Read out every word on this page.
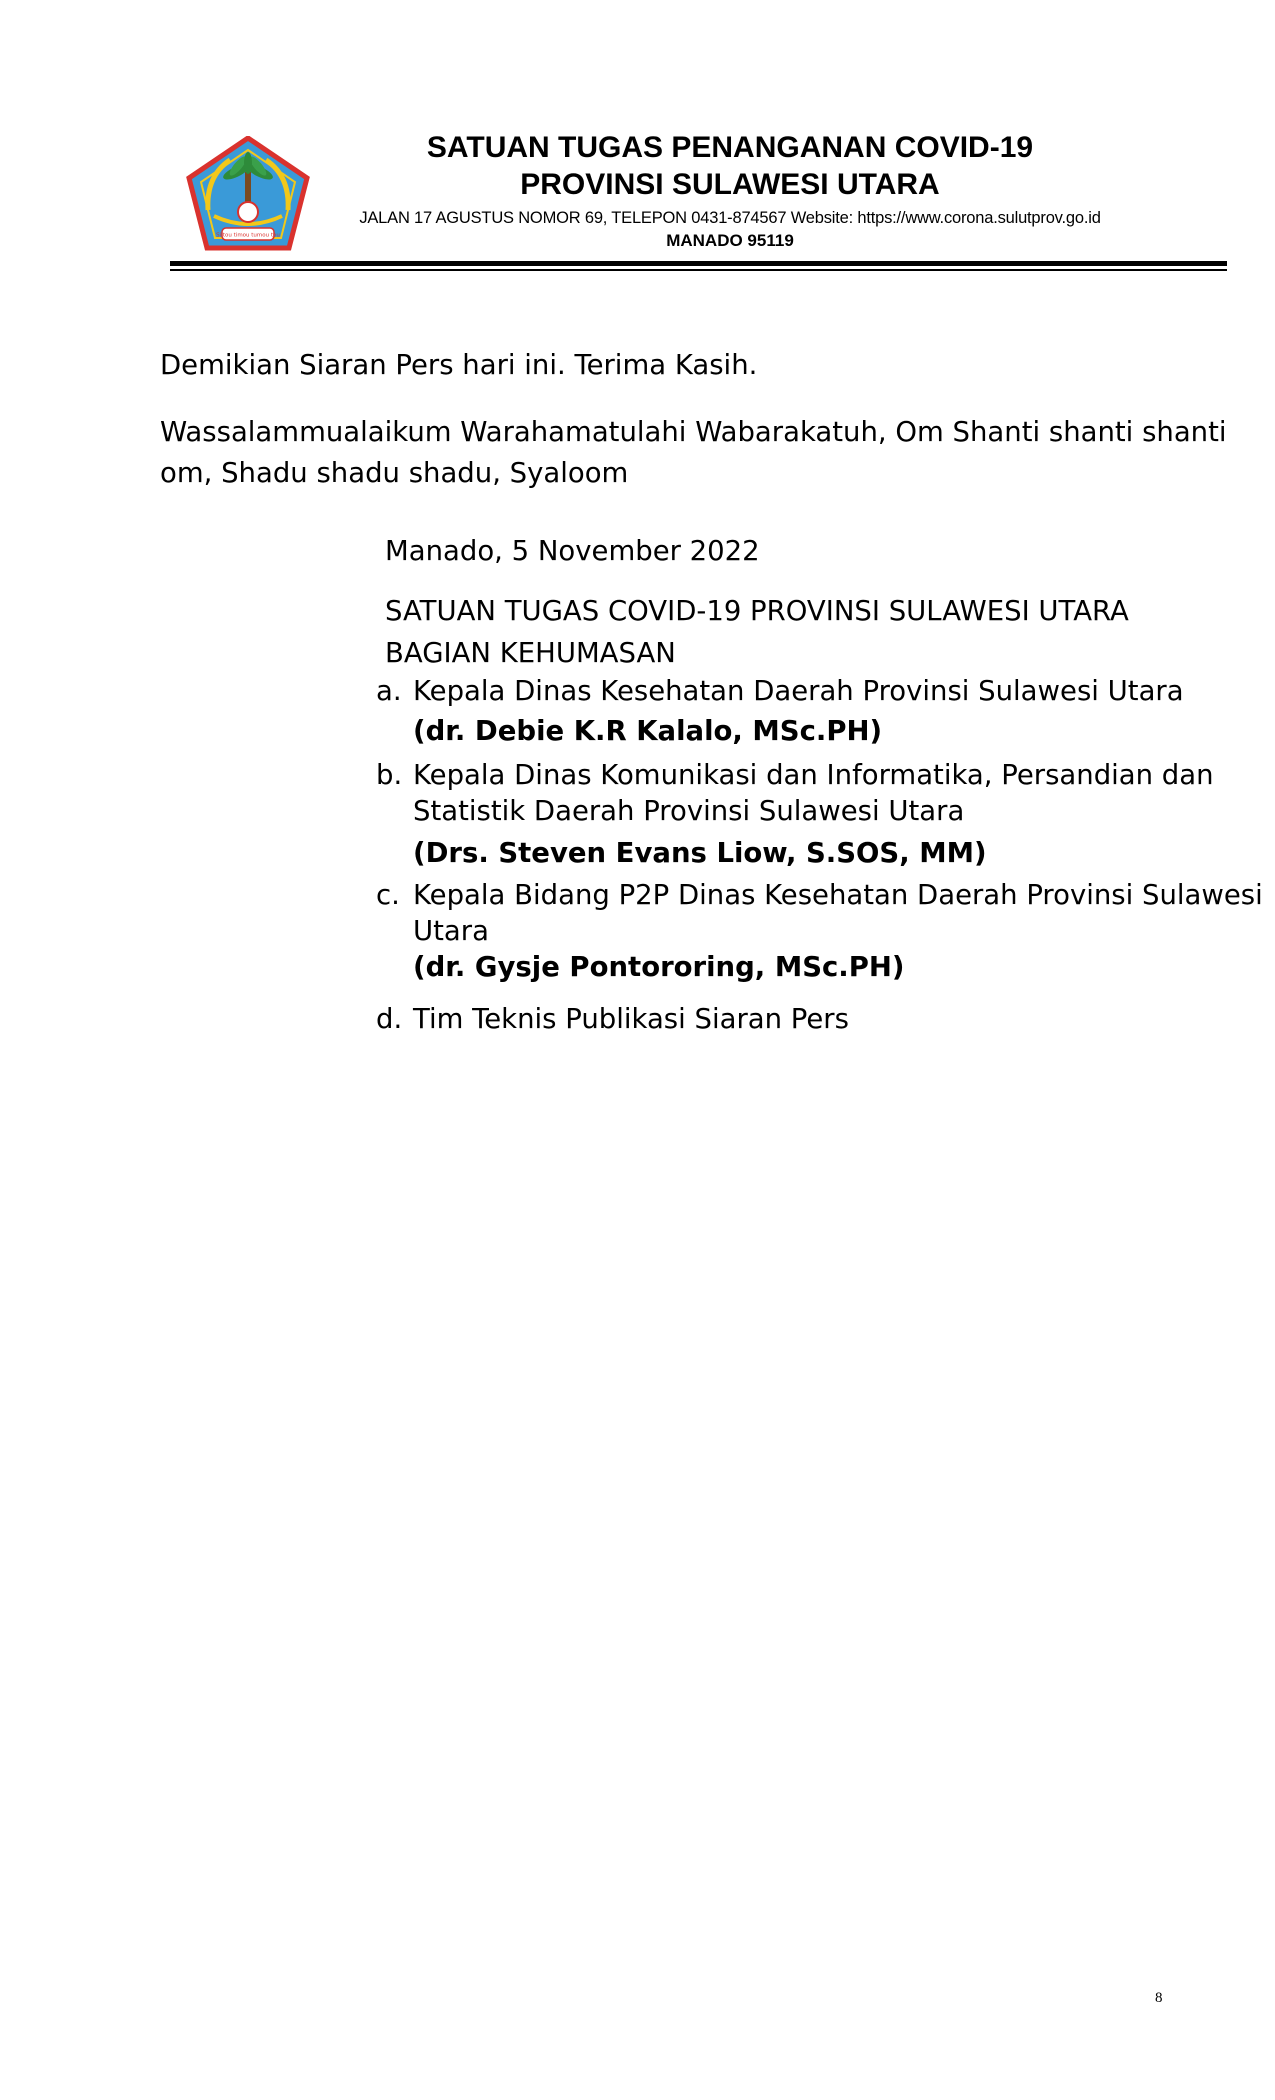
Si tou timou tumou tou
SATUAN TUGAS PENANGANAN COVID-19
PROVINSI SULAWESI UTARA
JALAN 17 AGUSTUS NOMOR 69, TELEPON 0431-874567 Website: https://www.corona.sulutprov.go.id
MANADO 95119
Demikian Siaran Pers hari ini. Terima Kasih.
Wassalammualaikum Warahamatulahi Wabarakatuh, Om Shanti shanti shanti
om, Shadu shadu shadu, Syaloom
Manado, 5 November 2022
SATUAN TUGAS COVID-19 PROVINSI SULAWESI UTARA
BAGIAN KEHUMASAN
a. Kepala Dinas Kesehatan Daerah Provinsi Sulawesi Utara
(dr. Debie K.R Kalalo, MSc.PH)
b. Kepala Dinas Komunikasi dan Informatika, Persandian dan
Statistik Daerah Provinsi Sulawesi Utara
(Drs. Steven Evans Liow, S.SOS, MM)
c. Kepala Bidang P2P Dinas Kesehatan Daerah Provinsi Sulawesi
Utara
(dr. Gysje Pontororing, MSc.PH)
d. Tim Teknis Publikasi Siaran Pers
8
